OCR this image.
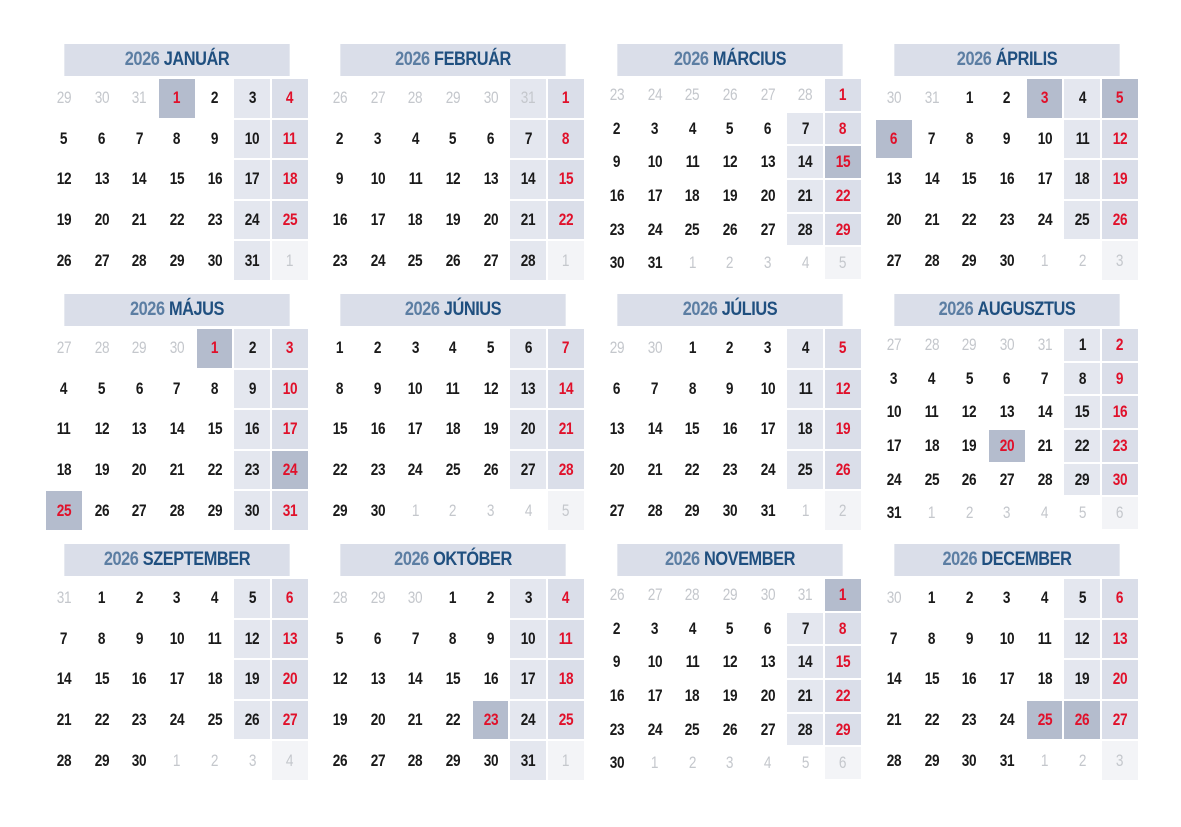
2026 JANUÁR
29 30 31 1 2 3 4
5 6 7 8 9 10 11
12 13 14 15 16 17 18
19 20 21 22 23 24 25
26 27 28 29 30 31 1
2026 FEBRUÁR
26 27 28 29 30 31 1
2 3 4 5 6 7 8
9 10 11 12 13 14 15
16 17 18 19 20 21 22
23 24 25 26 27 28 1
2026 MÁRCIUS
23 24 25 26 27 28 1
2 3 4 5 6 7 8
9 10 11 12 13 14 15
16 17 18 19 20 21 22
23 24 25 26 27 28 29
30 31 1 2 3 4 5
2026 ÁPRILIS
30 31 1 2 3 4 5
6 7 8 9 10 11 12
13 14 15 16 17 18 19
20 21 22 23 24 25 26
27 28 29 30 1 2 3
2026 MÁJUS
27 28 29 30 1 2 3
4 5 6 7 8 9 10
11 12 13 14 15 16 17
18 19 20 21 22 23 24
25 26 27 28 29 30 31
2026 JÚNIUS
1 2 3 4 5 6 7
8 9 10 11 12 13 14
15 16 17 18 19 20 21
22 23 24 25 26 27 28
29 30 1 2 3 4 5
2026 JÚLIUS
29 30 1 2 3 4 5
6 7 8 9 10 11 12
13 14 15 16 17 18 19
20 21 22 23 24 25 26
27 28 29 30 31 1 2
2026 AUGUSZTUS
27 28 29 30 31 1 2
3 4 5 6 7 8 9
10 11 12 13 14 15 16
17 18 19 20 21 22 23
24 25 26 27 28 29 30
31 1 2 3 4 5 6
2026 SZEPTEMBER
31 1 2 3 4 5 6
7 8 9 10 11 12 13
14 15 16 17 18 19 20
21 22 23 24 25 26 27
28 29 30 1 2 3 4
2026 OKTÓBER
28 29 30 1 2 3 4
5 6 7 8 9 10 11
12 13 14 15 16 17 18
19 20 21 22 23 24 25
26 27 28 29 30 31 1
2026 NOVEMBER
26 27 28 29 30 31 1
2 3 4 5 6 7 8
9 10 11 12 13 14 15
16 17 18 19 20 21 22
23 24 25 26 27 28 29
30 1 2 3 4 5 6
2026 DECEMBER
30 1 2 3 4 5 6
7 8 9 10 11 12 13
14 15 16 17 18 19 20
21 22 23 24 25 26 27
28 29 30 31 1 2 3
